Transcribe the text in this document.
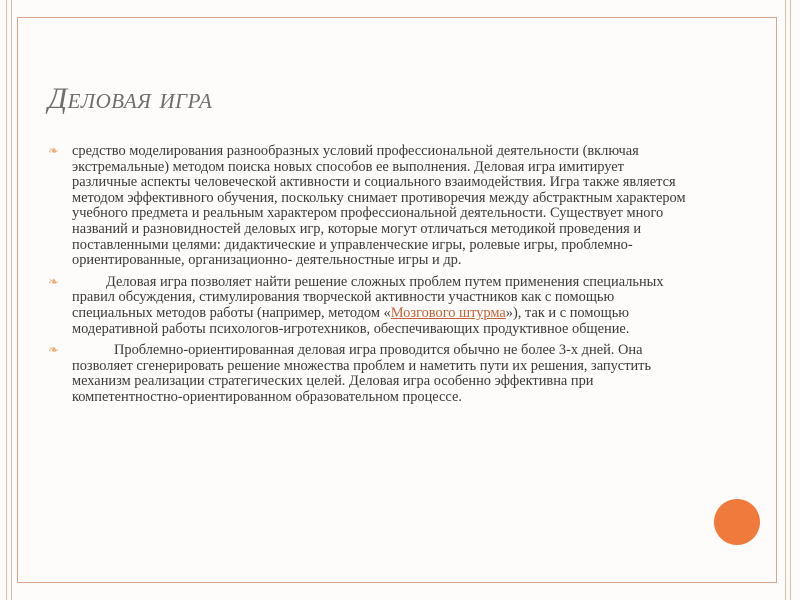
Деловая игра

❧ средство моделирования разнообразных условий профессиональной деятельности (включая экстремальные) методом поиска новых способов ее выполнения. Деловая игра имитирует различные аспекты человеческой активности и социального взаимодействия. Игра также является методом эффективного обучения, поскольку снимает противоречия между абстрактным характером учебного предмета и реальным характером профессиональной деятельности. Существует много названий и разновидностей деловых игр, которые могут отличаться методикой проведения и поставленными целями: дидактические и управленческие игры, ролевые игры, проблемно-ориентированные, организационно- деятельностные игры и др.

❧	Деловая игра позволяет найти решение сложных проблем путем применения специальных правил обсуждения, стимулирования творческой активности участников как с помощью специальных методов работы (например, методом «Мозгового штурма»), так и с помощью модеративной работы психологов-игротехников, обеспечивающих продуктивное общение.

❧	Проблемно-ориентированная деловая игра проводится обычно не более 3-х дней. Она позволяет сгенерировать решение множества проблем и наметить пути их решения, запустить механизм реализации стратегических целей. Деловая игра особенно эффективна при компетентностно-ориентированном образовательном процессе.
